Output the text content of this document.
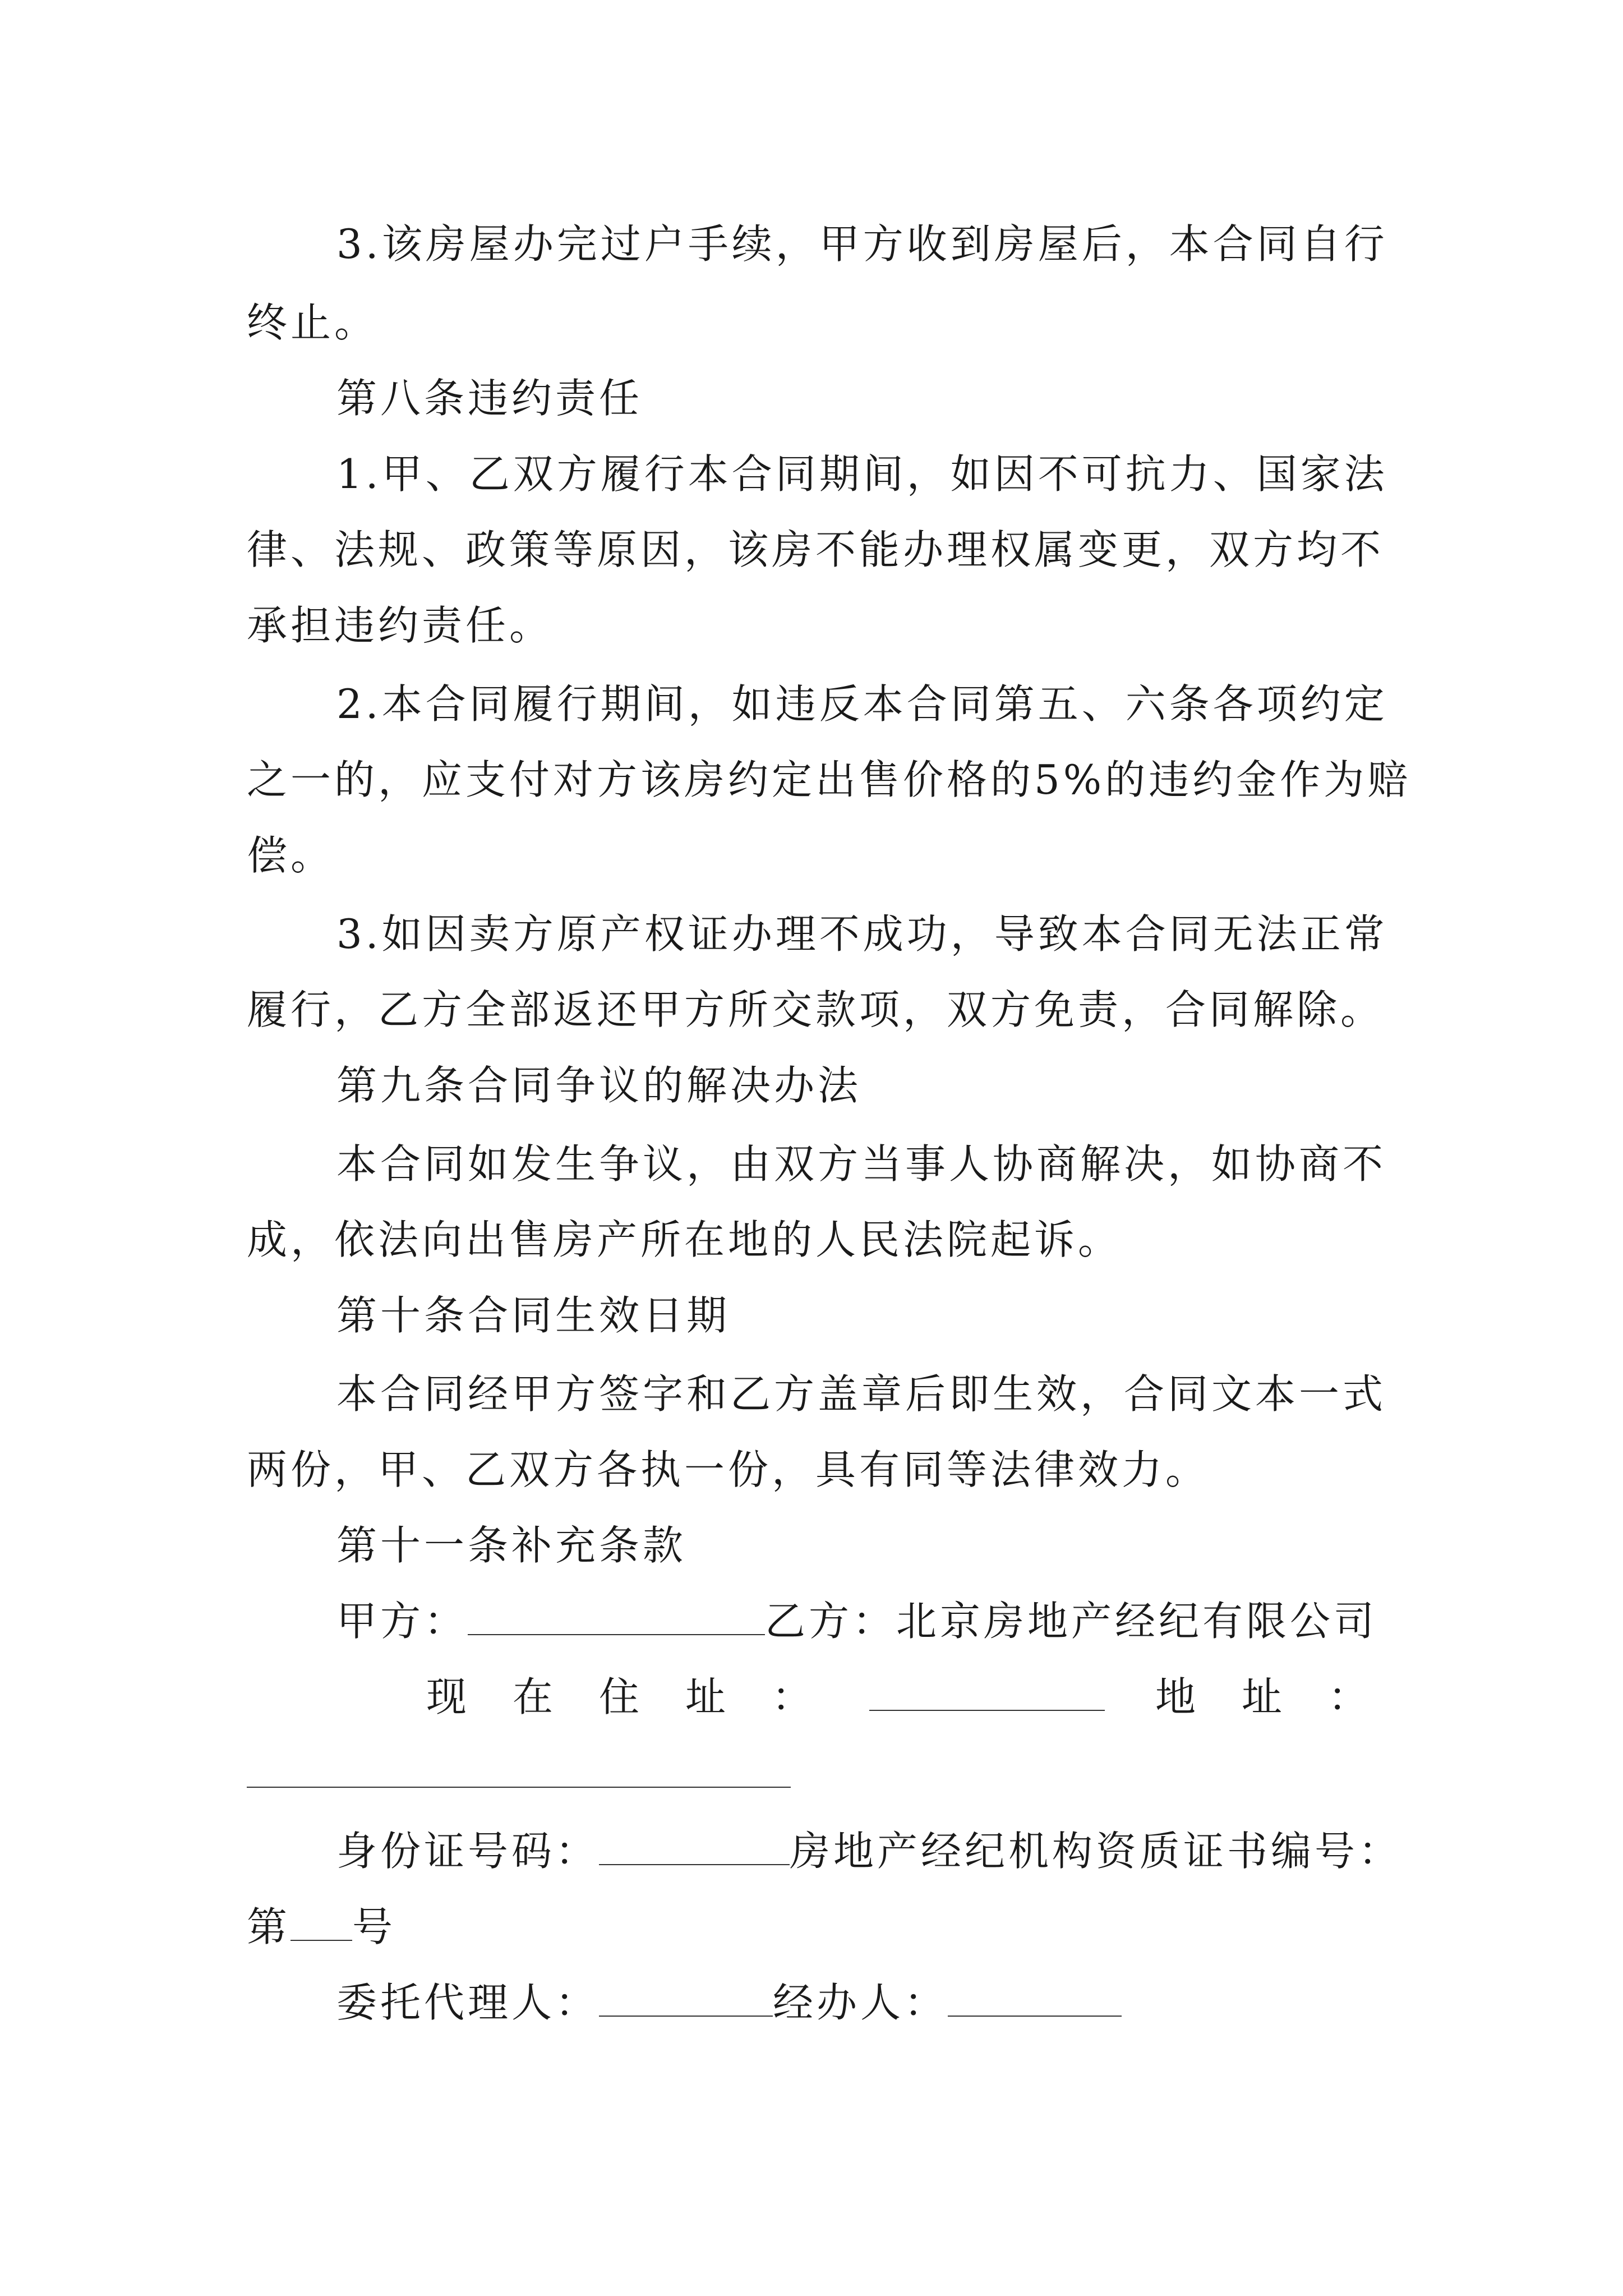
3.该房屋办完过户手续，甲方收到房屋后，本合同自行
终止。
第八条违约责任
1.甲、乙双方履行本合同期间，如因不可抗力、国家法
律、法规、政策等原因，该房不能办理权属变更，双方均不
承担违约责任。
2.本合同履行期间，如违反本合同第五、六条各项约定
之一的，应支付对方该房约定出售价格的5%的违约金作为赔
偿。
3.如因卖方原产权证办理不成功，导致本合同无法正常
履行，乙方全部返还甲方所交款项，双方免责，合同解除。
第九条合同争议的解决办法
本合同如发生争议，由双方当事人协商解决，如协商不
成，依法向出售房产所在地的人民法院起诉。
第十条合同生效日期
本合同经甲方签字和乙方盖章后即生效，合同文本一式
两份，甲、乙双方各执一份，具有同等法律效力。
第十一条补充条款
甲方：	乙方：北京房地产经纪有限公司
现在住址：	地址：
身份证号码：	房地产经纪机构资质证书编号：
第 号
委托代理人：	经办人：
